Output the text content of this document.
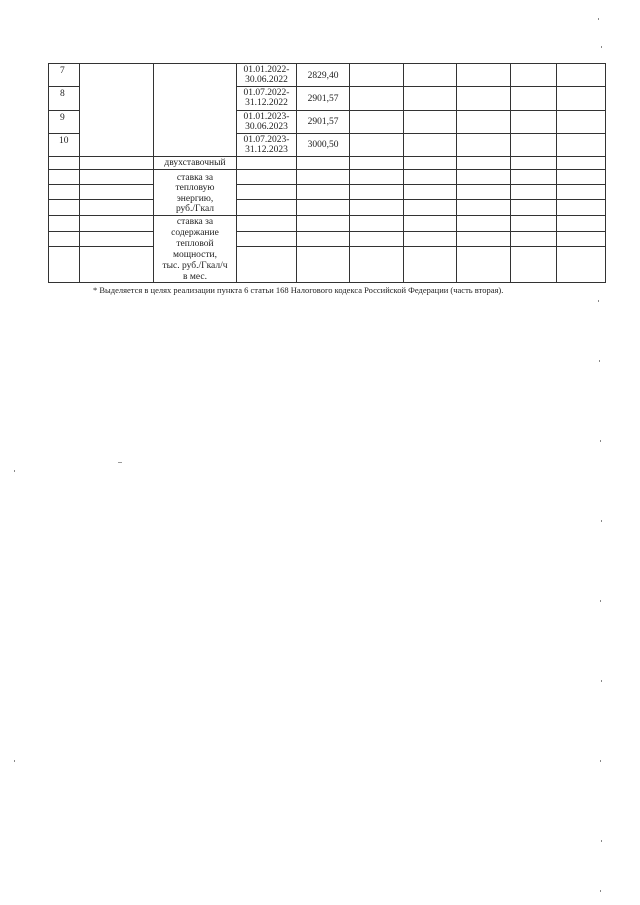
7
8
9
10
01.01.2022-
30.06.2022
01.07.2022-
31.12.2022
01.01.2023-
30.06.2023
01.07.2023-
31.12.2023
2829,40
2901,57
2901,57
3000,50
двухставочный
ставка за
тепловую
энергию,
руб./Гкал
ставка за
содержание
тепловой
мощности,
тыс. руб./Гкал/ч
в мес.
* Выделяется в целях реализации пункта 6 статьи 168 Налогового кодекса Российской Федерации (часть вторая).
